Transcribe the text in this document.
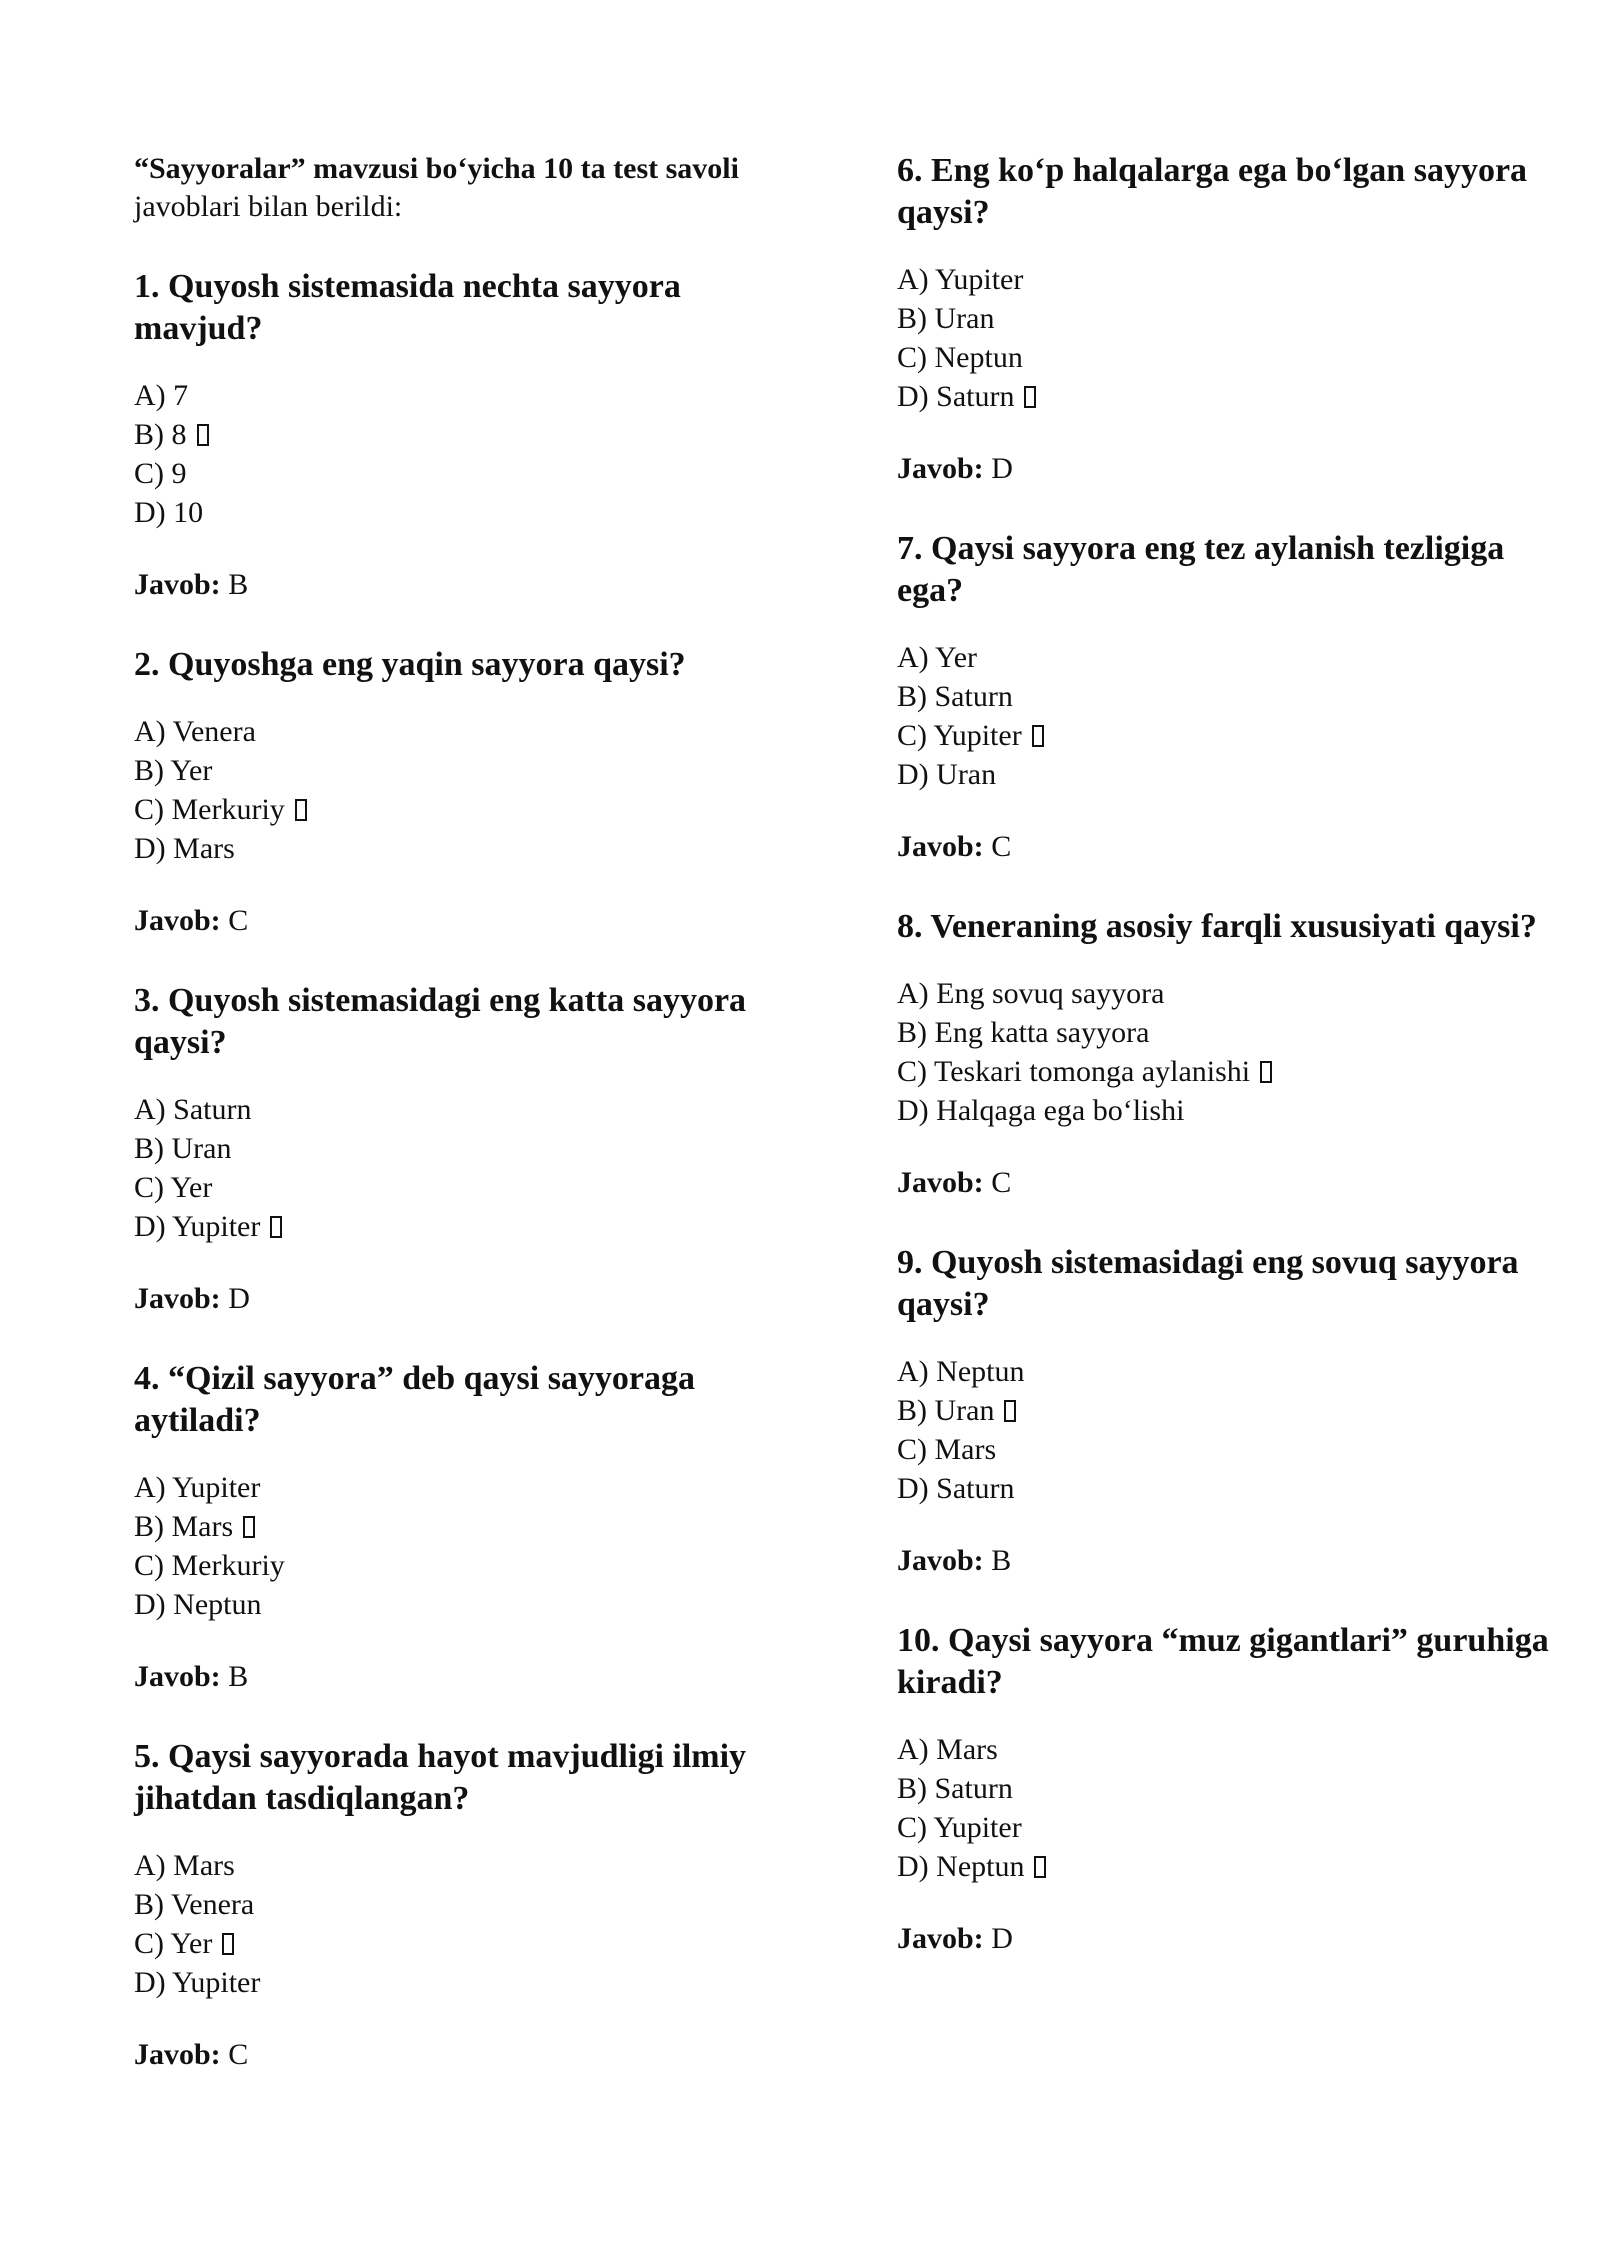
“Sayyoralar” mavzusi bo‘yicha 10 ta test savoli
javoblari bilan berildi:

1. Quyosh sistemasida nechta sayyora mavjud?

A) 7
B) 8
C) 9
D) 10

Javob: B

2. Quyoshga eng yaqin sayyora qaysi?

A) Venera
B) Yer
C) Merkuriy
D) Mars

Javob: C

3. Quyosh sistemasidagi eng katta sayyora qaysi?

A) Saturn
B) Uran
C) Yer
D) Yupiter

Javob: D

4. “Qizil sayyora” deb qaysi sayyoraga aytiladi?

A) Yupiter
B) Mars
C) Merkuriy
D) Neptun

Javob: B

5. Qaysi sayyorada hayot mavjudligi ilmiy jihatdan tasdiqlangan?

A) Mars
B) Venera
C) Yer
D) Yupiter

Javob: C

6. Eng ko‘p halqalarga ega bo‘lgan sayyora qaysi?

A) Yupiter
B) Uran
C) Neptun
D) Saturn

Javob: D

7. Qaysi sayyora eng tez aylanish tezligiga ega?

A) Yer
B) Saturn
C) Yupiter
D) Uran

Javob: C

8. Veneraning asosiy farqli xususiyati qaysi?

A) Eng sovuq sayyora
B) Eng katta sayyora
C) Teskari tomonga aylanishi
D) Halqaga ega bo‘lishi

Javob: C

9. Quyosh sistemasidagi eng sovuq sayyora qaysi?

A) Neptun
B) Uran
C) Mars
D) Saturn

Javob: B

10. Qaysi sayyora “muz gigantlari” guruhiga kiradi?

A) Mars
B) Saturn
C) Yupiter
D) Neptun

Javob: D
